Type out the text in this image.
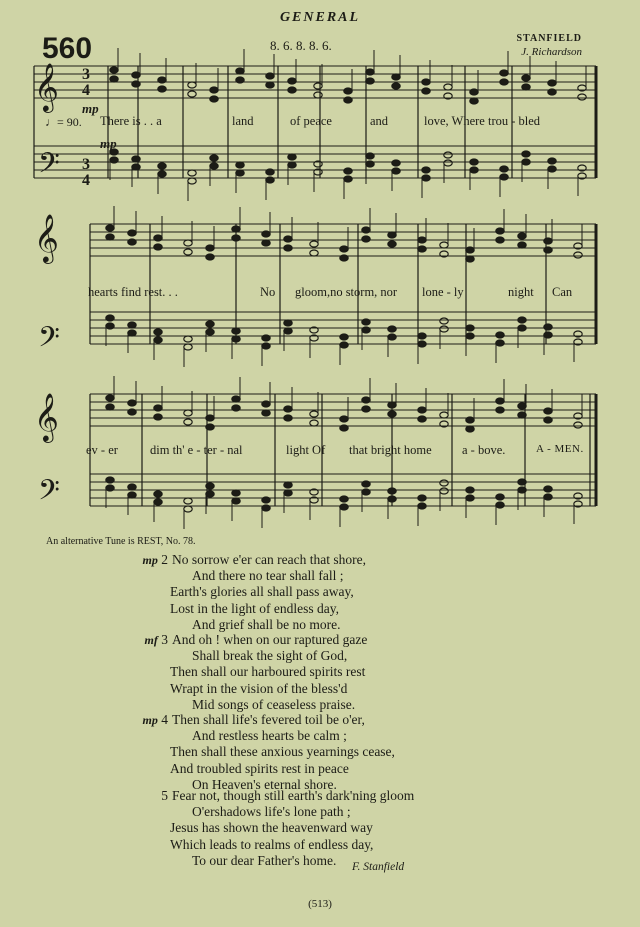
GENERAL
560	8. 6. 8. 8. 6.	STANFIELD
J. Richardson
𝄞
𝄢
𝄞
𝄢
𝄞
𝄢
3
4
3
4
mp
mp
♩= 90. There is . . a	land	of peace	and	love, Where trou - bled
hearts find rest. . .	No gloom,no storm, nor lone - ly	night Can
ev - er	dim th' e - ter - nal	light Of that bright home a - bove.	A - MEN.
An alternative Tune is REST, No. 78.
mp 2 No sorrow e'er can reach that shore,
And there no tear shall fall ;
Earth's glories all shall pass away,
Lost in the light of endless day,
And grief shall be no more.
mf 3 And oh ! when on our raptured gaze
Shall break the sight of God,
Then shall our harboured spirits rest
Wrapt in the vision of the bless'd
Mid songs of ceaseless praise.
mp 4 Then shall life's fevered toil be o'er,
And restless hearts be calm ;
Then shall these anxious yearnings cease,
And troubled spirits rest in peace
On Heaven's eternal shore.
5 Fear not, though still earth's dark'ning gloom
O'ershadows life's lone path ;
Jesus has shown the heavenward way
Which leads to realms of endless day,
To our dear Father's home.	F. Stanfield
(513)
